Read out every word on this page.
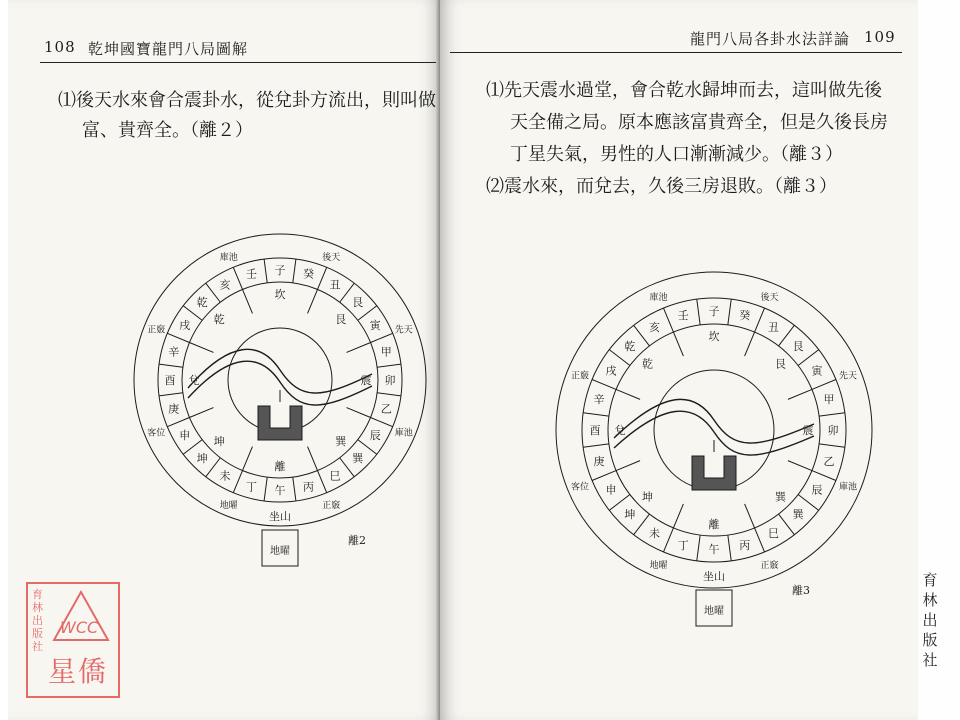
108 乾坤國寶龍門八局圖解
⑴後天水來會合震卦水，從兌卦方流出，則叫做
富、貴齊全。（離２）
子 癸
丑
艮
寅
甲
卯
乙
辰
巽
巳
丙
午
丁
未
坤
申
庚
酉
辛
戌
乾
亥
壬
坎
艮
震
巽
離
坤
兌
乾
後天
先天
庫池
正竅
地曜
客位
正竅
庫池
坐山
地曜
離2
龍門八局各卦水法詳論 109
⑴先天震水過堂，會合乾水歸坤而去，這叫做先後
天全備之局。原本應該富貴齊全，但是久後長房
丁星失氣，男性的人口漸漸減少。（離３）
⑵震水來，而兌去，久後三房退敗。（離３）
子 癸
丑
艮
寅
甲
卯
乙
辰
巽
巳
丙
午
丁
未
坤
申
庚
酉
辛
戌
乾
亥
壬
坎
艮
震
巽
離
坤
兌
乾
後天
先天
庫池
正竅
地曜
客位
正竅
庫池
坐山
地曜
離3
育林出版社
育林出版社
WCC
星僑
